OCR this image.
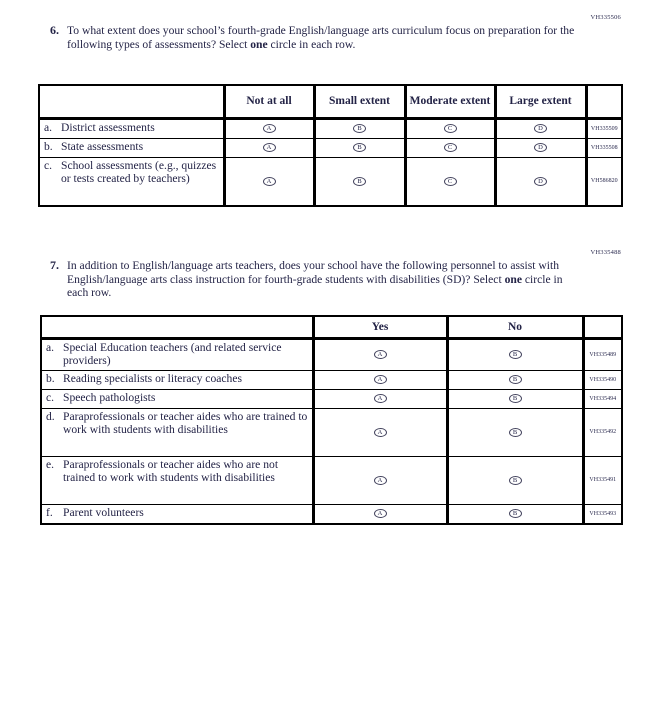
VH335506
6. To what extent does your school’s fourth-grade English/language arts curriculum focus on preparation for the following types of assessments? Select one circle in each row.
	Not at all	Small extent	Moderate extent	Large extent	

a. District assessments	A	B	C	D	VH335509

b. State assessments	A	B	C	D	VH335508

c. School assessments (e.g., quizzes or tests created by teachers)	A	B	C	D	VH586820
VH335488
7. In addition to English/language arts teachers, does your school have the following personnel to assist with English/language arts class instruction for fourth-grade students with disabilities (SD)? Select one circle in each row.
	Yes	No	

a. Special Education teachers (and related service providers)	A	B	VH335489

b. Reading specialists or literacy coaches	A	B	VH335490

c. Speech pathologists	A	B	VH335494

d. Paraprofessionals or teacher aides who are trained to work with students with disabilities	A	B	VH335492

e. Paraprofessionals or teacher aides who are not trained to work with students with disabilities	A	B	VH335491

f. Parent volunteers	A	B	VH335493
